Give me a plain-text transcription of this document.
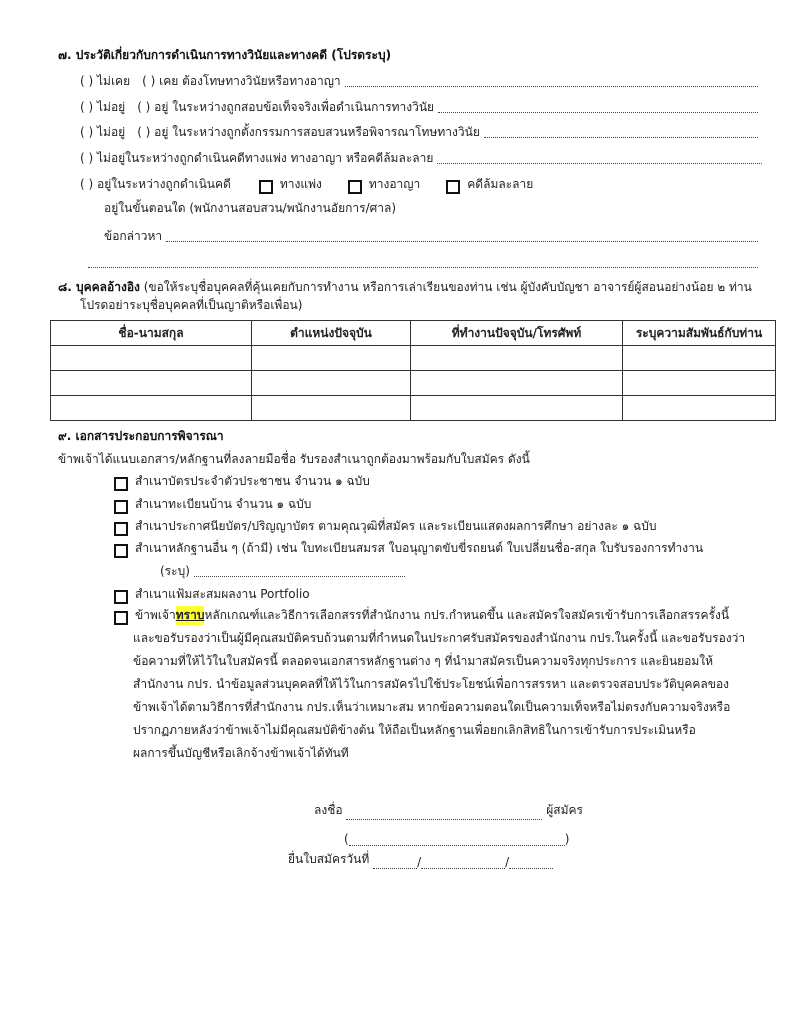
๗. ประวัติเกี่ยวกับการดำเนินการทางวินัยและทางคดี (โปรดระบุ)
( ) ไม่เคย ( ) เคย ต้องโทษทางวินัยหรือทางอาญา
( ) ไม่อยู่ ( ) อยู่ ในระหว่างถูกสอบข้อเท็จจริงเพื่อดำเนินการทางวินัย
( ) ไม่อยู่ ( ) อยู่ ในระหว่างถูกตั้งกรรมการสอบสวนหรือพิจารณาโทษทางวินัย
( ) ไม่อยู่ในระหว่างถูกดำเนินคดีทางแพ่ง ทางอาญา หรือคดีล้มละลาย
( ) อยู่ในระหว่างถูกดำเนินคดี	ทางแพ่ง	ทางอาญา	คดีล้มละลาย
อยู่ในขั้นตอนใด (พนักงานสอบสวน/พนักงานอัยการ/ศาล)
ข้อกล่าวหา
๘. บุคคลอ้างอิง
(ขอให้ระบุชื่อบุคคลที่คุ้นเคยกับการทำงาน หรือการเล่าเรียนของท่าน เช่น ผู้บังคับบัญชา อาจารย์ผู้สอนอย่างน้อย ๒ ท่าน
โปรดอย่าระบุชื่อบุคคลที่เป็นญาติหรือเพื่อน)
ชื่อ-นามสกุล	ตำแหน่งปัจจุบัน	ที่ทำงานปัจจุบัน/โทรศัพท์	ระบุความสัมพันธ์กับท่าน

๙. เอกสารประกอบการพิจารณา
ข้าพเจ้าได้แนบเอกสาร/หลักฐานที่ลงลายมือชื่อ รับรองสำเนาถูกต้องมาพร้อมกับใบสมัคร ดังนี้
สำเนาบัตรประจำตัวประชาชน จำนวน ๑ ฉบับ
สำเนาทะเบียนบ้าน จำนวน ๑ ฉบับ
สำเนาประกาศนียบัตร/ปริญญาบัตร ตามคุณวุฒิที่สมัคร และระเบียนแสดงผลการศึกษา อย่างละ ๑ ฉบับ
สำเนาหลักฐานอื่น ๆ (ถ้ามี) เช่น ใบทะเบียนสมรส ใบอนุญาตขับขี่รถยนต์ ใบเปลี่ยนชื่อ-สกุล ใบรับรองการทำงาน
(ระบุ)
สำเนาแฟ้มสะสมผลงาน Portfolio
ข้าพเจ้า ทราบ หลักเกณฑ์และวิธีการเลือกสรรที่สำนักงาน กปร.กำหนดขึ้น และสมัครใจสมัครเข้ารับการเลือกสรรครั้งนี้
และขอรับรองว่าเป็นผู้มีคุณสมบัติครบถ้วนตามที่กำหนดในประกาศรับสมัครของสำนักงาน กปร.ในครั้งนี้ และขอรับรองว่า
ข้อความที่ให้ไว้ในใบสมัครนี้ ตลอดจนเอกสารหลักฐานต่าง ๆ ที่นำมาสมัครเป็นความจริงทุกประการ และยินยอมให้
สำนักงาน กปร. นำข้อมูลส่วนบุคคลที่ให้ไว้ในการสมัครไปใช้ประโยชน์เพื่อการสรรหา และตรวจสอบประวัติบุคคลของ
ข้าพเจ้าได้ตามวิธีการที่สำนักงาน กปร.เห็นว่าเหมาะสม หากข้อความตอนใดเป็นความเท็จหรือไม่ตรงกับความจริงหรือ
ปรากฏภายหลังว่าข้าพเจ้าไม่มีคุณสมบัติข้างต้น ให้ถือเป็นหลักฐานเพื่อยกเลิกสิทธิในการเข้ารับการประเมินหรือ
ผลการขึ้นบัญชีหรือเลิกจ้างข้าพเจ้าได้ทันที
ลงชื่อ

	ผู้สมัคร
(	)
ยื่นใบสมัครวันที่
	/	/
